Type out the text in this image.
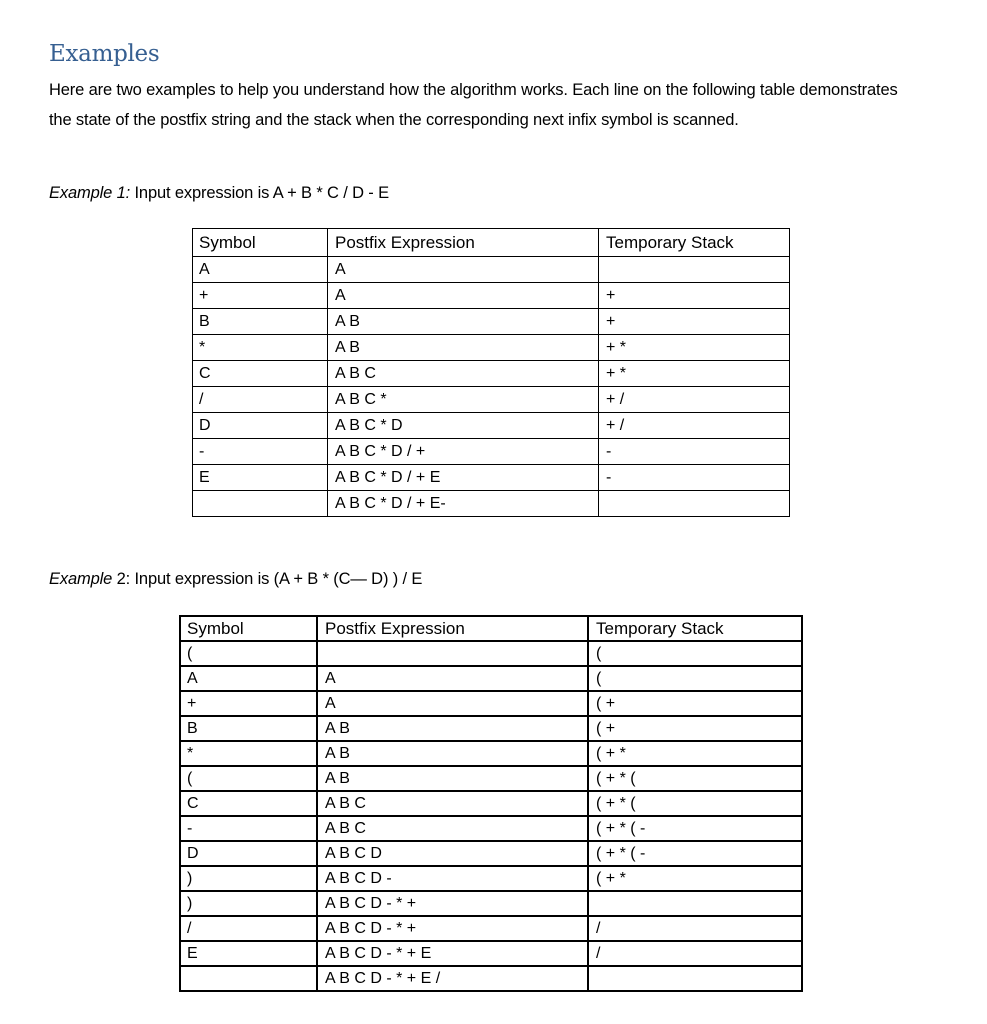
Examples
Here are two examples to help you understand how the algorithm works. Each line on the following table demonstrates the state of the postfix string and the stack when the corresponding next infix symbol is scanned.
Example 1: Input expression is A + B * C / D - E
Symbol	Postfix Expression	Temporary Stack
A	A	
+	A	+
B	A B	+
*	A B	+ *
C	A B C	+ *
/	A B C *	+ /
D	A B C * D	+ /
-	A B C * D / +	-
E	A B C * D / + E	-
	A B C * D / + E-	
Example 2: Input expression is (A + B * (C— D) ) / E
Symbol	Postfix Expression	Temporary Stack
(		(
A	A	(
+	A	( +
B	A B	( +
*	A B	( + *
(	A B	( + * (
C	A B C	( + * (
-	A B C	( + * ( -
D	A B C D	( + * ( -
)	A B C D -	( + *
)	A B C D - * +	
/	A B C D - * +	/
E	A B C D - * + E	/
	A B C D - * + E /	
